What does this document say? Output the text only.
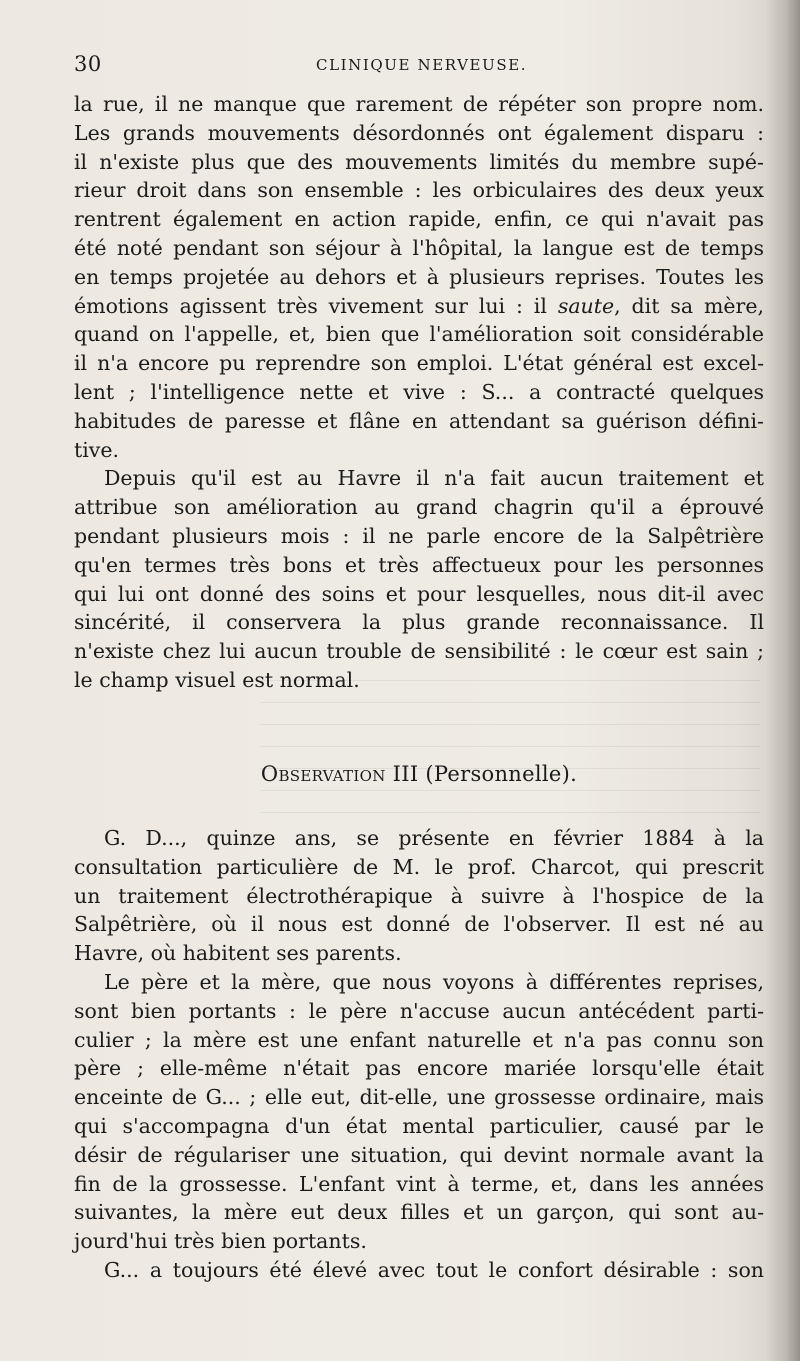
30	CLINIQUE NERVEUSE.
la rue, il ne manque que rarement de répéter son propre nom.
Les grands mouvements désordonnés ont également disparu :
il n'existe plus que des mouvements limités du membre supé-
rieur droit dans son ensemble : les orbiculaires des deux yeux
rentrent également en action rapide, enfin, ce qui n'avait pas
été noté pendant son séjour à l'hôpital, la langue est de temps
en temps projetée au dehors et à plusieurs reprises. Toutes les
émotions agissent très vivement sur lui : il saute, dit sa mère,
quand on l'appelle, et, bien que l'amélioration soit considérable
il n'a encore pu reprendre son emploi. L'état général est excel-
lent ; l'intelligence nette et vive : S... a contracté quelques
habitudes de paresse et flâne en attendant sa guérison défini-
tive.
Depuis qu'il est au Havre il n'a fait aucun traitement et
attribue son amélioration au grand chagrin qu'il a éprouvé
pendant plusieurs mois : il ne parle encore de la Salpêtrière
qu'en termes très bons et très affectueux pour les personnes
qui lui ont donné des soins et pour lesquelles, nous dit-il avec
sincérité, il conservera la plus grande reconnaissance. Il
n'existe chez lui aucun trouble de sensibilité : le cœur est sain ;
le champ visuel est normal.
Observation III (Personnelle).
G. D..., quinze ans, se présente en février 1884 à la
consultation particulière de M. le prof. Charcot, qui prescrit
un traitement électrothérapique à suivre à l'hospice de la
Salpêtrière, où il nous est donné de l'observer. Il est né au
Havre, où habitent ses parents.
Le père et la mère, que nous voyons à différentes reprises,
sont bien portants : le père n'accuse aucun antécédent parti-
culier ; la mère est une enfant naturelle et n'a pas connu son
père ; elle-même n'était pas encore mariée lorsqu'elle était
enceinte de G... ; elle eut, dit-elle, une grossesse ordinaire, mais
qui s'accompagna d'un état mental particulier, causé par le
désir de régulariser une situation, qui devint normale avant la
fin de la grossesse. L'enfant vint à terme, et, dans les années
suivantes, la mère eut deux filles et un garçon, qui sont au-
jourd'hui très bien portants.
G... a toujours été élevé avec tout le confort désirable : son
